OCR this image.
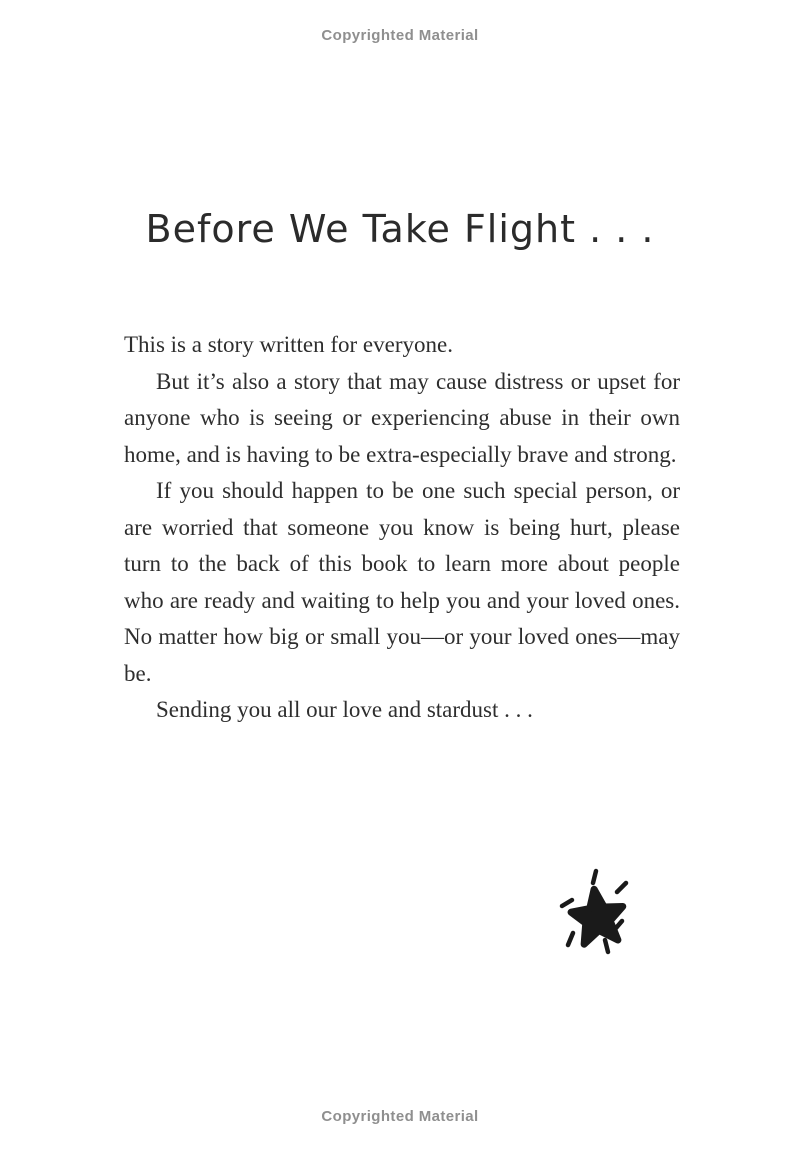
Copyrighted Material
Before We Take Flight . . .

This is a story written for everyone.

But it’s also a story that may cause distress or upset for anyone who is seeing or experiencing abuse in their own home, and is having to be extra-especially brave and strong.

If you should happen to be one such special person, or are worried that someone you know is being hurt, please turn to the back of this book to learn more about people who are ready and waiting to help you and your loved ones. No matter how big or small you—or your loved ones—may be.

Sending you all our love and stardust . . .

Copyrighted Material
